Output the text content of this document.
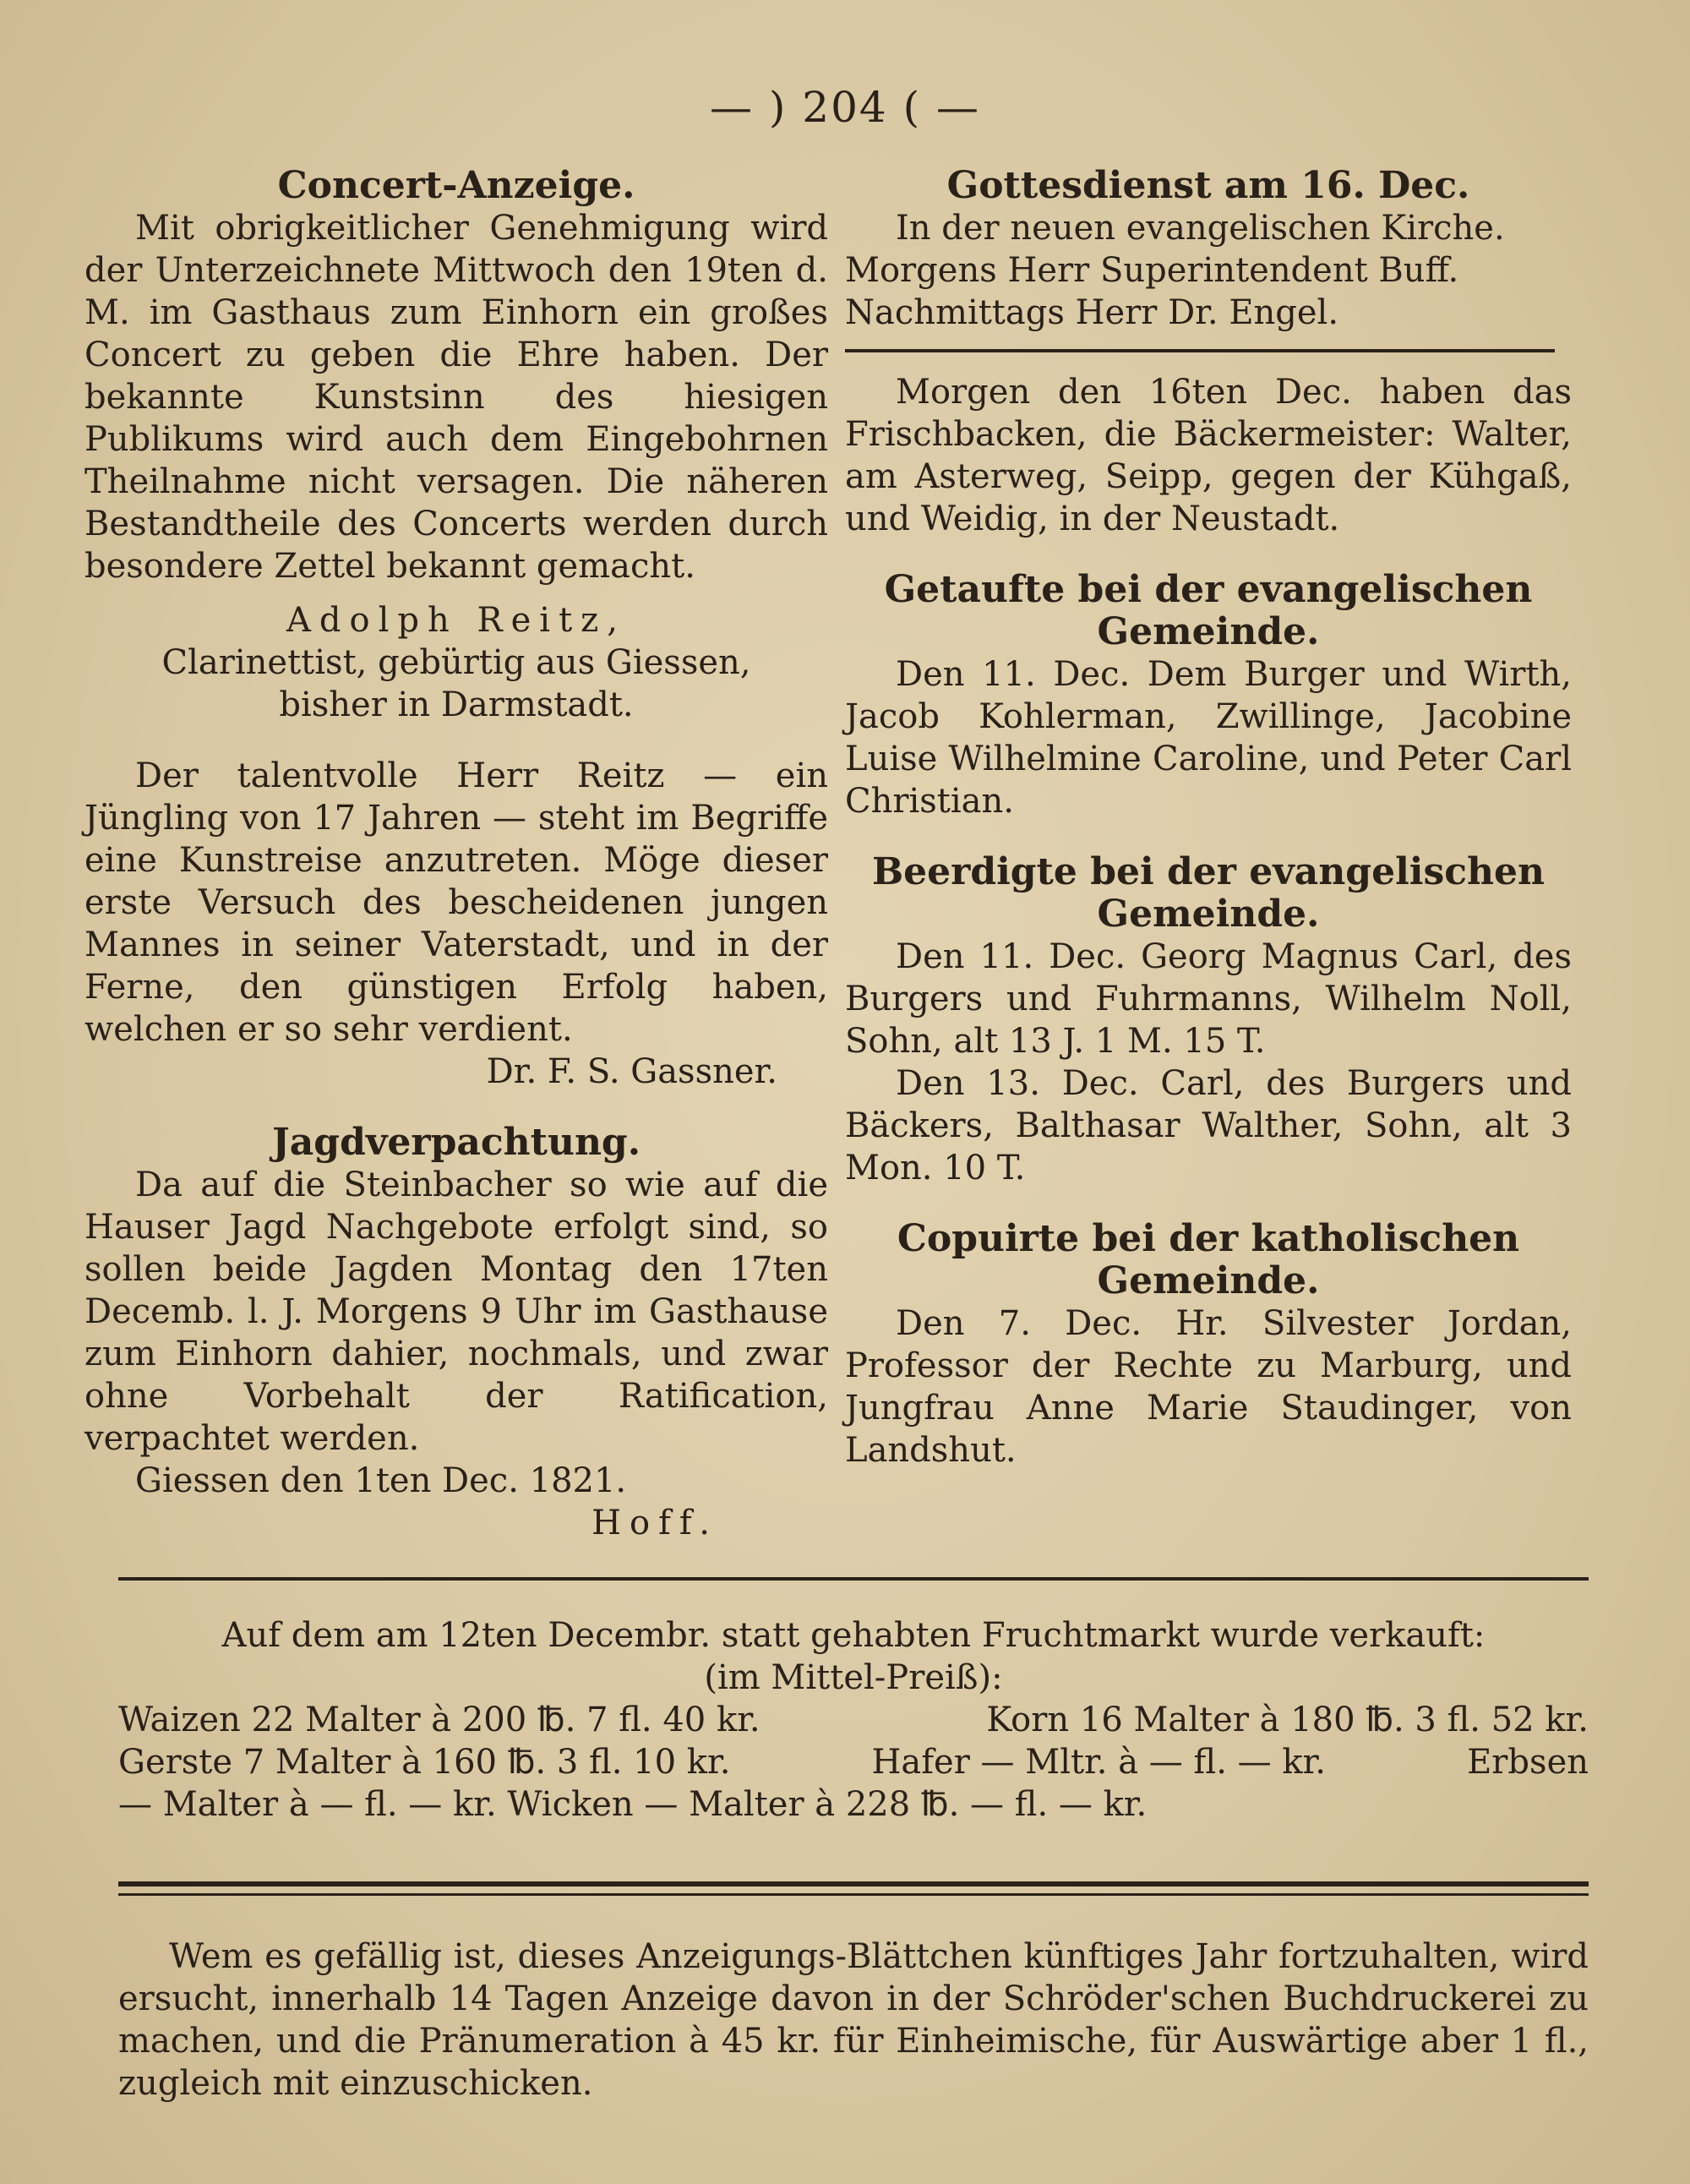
— ) 204 ( —
Concert-Anzeige.
Mit obrigkeitlicher Genehmigung wird der Unterzeichnete Mittwoch den 19ten d. M. im Gasthaus zum Einhorn ein großes Concert zu geben die Ehre haben. Der bekannte Kunstsinn des hiesigen Publikums wird auch dem Eingebohrnen Theilnahme nicht versagen. Die näheren Bestandtheile des Concerts werden durch besondere Zettel bekannt gemacht.
Adolph Reitz,
Clarinettist, gebürtig aus Giessen,
bisher in Darmstadt.
Der talentvolle Herr Reitz — ein Jüngling von 17 Jahren — steht im Begriffe eine Kunstreise anzutreten. Möge dieser erste Versuch des bescheidenen jungen Mannes in seiner Vaterstadt, und in der Ferne, den günstigen Erfolg haben, welchen er so sehr verdient.
Dr. F. S. Gassner.
Jagdverpachtung.
Da auf die Steinbacher so wie auf die Hauser Jagd Nachgebote erfolgt sind, so sollen beide Jagden Montag den 17ten Decemb. l. J. Morgens 9 Uhr im Gasthause zum Einhorn dahier, nochmals, und zwar ohne Vorbehalt der Ratification, verpachtet werden.
Giessen den 1ten Dec. 1821.
Hoff.
Gottesdienst am 16. Dec.
In der neuen evangelischen Kirche.
Morgens Herr Superintendent Buff.
Nachmittags Herr Dr. Engel.
Morgen den 16ten Dec. haben das Frischbacken, die Bäckermeister: Walter, am Asterweg, Seipp, gegen der Kühgaß, und Weidig, in der Neustadt.
Getaufte bei der evangelischen Gemeinde.
Den 11. Dec. Dem Burger und Wirth, Jacob Kohlerman, Zwillinge, Jacobine Luise Wilhelmine Caroline, und Peter Carl Christian.
Beerdigte bei der evangelischen Gemeinde.
Den 11. Dec. Georg Magnus Carl, des Burgers und Fuhrmanns, Wilhelm Noll, Sohn, alt 13 J. 1 M. 15 T.
Den 13. Dec. Carl, des Burgers und Bäckers, Balthasar Walther, Sohn, alt 3 Mon. 10 T.
Copuirte bei der katholischen Gemeinde.
Den 7. Dec. Hr. Silvester Jordan, Professor der Rechte zu Marburg, und Jungfrau Anne Marie Staudinger, von Landshut.
Auf dem am 12ten Decembr. statt gehabten Fruchtmarkt wurde verkauft:
(im Mittel-Preiß):
Waizen 22 Malter à 200 ℔. 7 fl. 40 kr.	Korn 16 Malter à 180 ℔. 3 fl. 52 kr.
Gerste 7 Malter à 160 ℔. 3 fl. 10 kr.	Hafer — Mltr. à — fl. — kr.	Erbsen
— Malter à — fl. — kr. Wicken — Malter à 228 ℔. — fl. — kr.
Wem es gefällig ist, dieses Anzeigungs-Blättchen künftiges Jahr fortzuhalten, wird ersucht, innerhalb 14 Tagen Anzeige davon in der Schröder'schen Buchdruckerei zu machen, und die Pränumeration à 45 kr. für Einheimische, für Auswärtige aber 1 fl., zugleich mit einzuschicken.
